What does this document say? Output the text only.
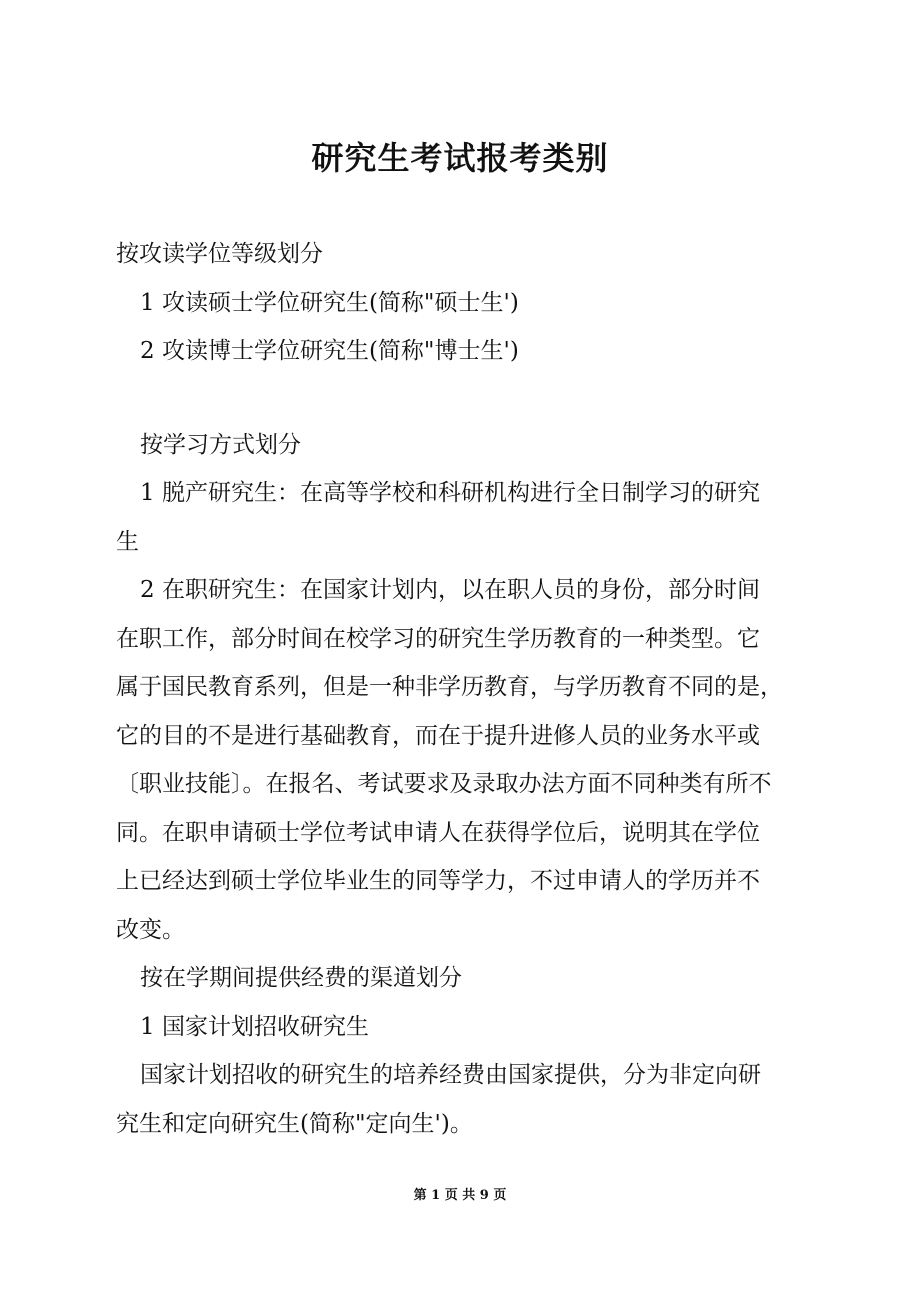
研究生考试报考类别
按攻读学位等级划分
1 攻读硕士学位研究生(简称"硕士生')
2 攻读博士学位研究生(简称"博士生')
按学习方式划分
1 脱产研究生：在高等学校和科研机构进行全日制学习的研究
生
2 在职研究生：在国家计划内，以在职人员的身份，部分时间
在职工作，部分时间在校学习的研究生学历教育的一种类型。它
属于国民教育系列，但是一种非学历教育，与学历教育不同的是，
它的目的不是进行基础教育，而在于提升进修人员的业务水平或
〔职业技能〕。在报名、考试要求及录取办法方面不同种类有所不
同。在职申请硕士学位考试申请人在获得学位后，说明其在学位
上已经达到硕士学位毕业生的同等学力，不过申请人的学历并不
改变。
按在学期间提供经费的渠道划分
1 国家计划招收研究生
国家计划招收的研究生的培养经费由国家提供，分为非定向研
究生和定向研究生(简称"定向生')。
第 1 页 共 9 页
